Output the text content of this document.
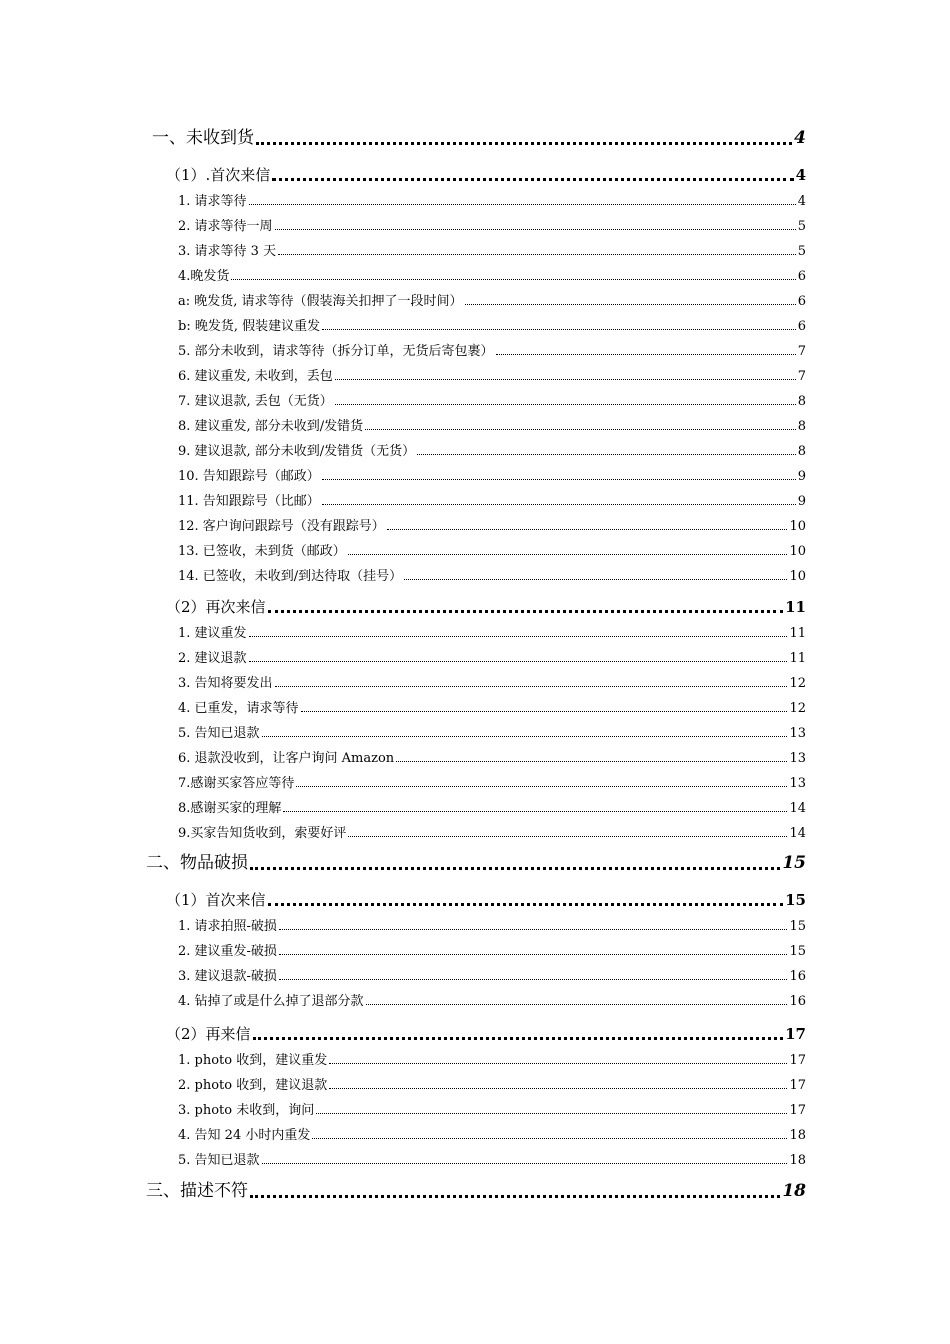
一、未收到货	4
（1）.首次来信	4
1. 请求等待	4
2. 请求等待一周	5
3. 请求等待 3 天	5
4.晚发货	6
a: 晚发货, 请求等待（假装海关扣押了一段时间）	6
b: 晚发货, 假装建议重发	6
5. 部分未收到，请求等待（拆分订单，无货后寄包裹）	7
6. 建议重发, 未收到，丢包	7
7. 建议退款, 丢包（无货）	8
8. 建议重发, 部分未收到/发错货	8
9. 建议退款, 部分未收到/发错货（无货）	8
10. 告知跟踪号（邮政）	9
11. 告知跟踪号（比邮）	9
12. 客户询问跟踪号（没有跟踪号）	10
13. 已签收，未到货（邮政）	10
14. 已签收，未收到/到达待取（挂号）	10
（2）再次来信	11
1. 建议重发	11
2. 建议退款	11
3. 告知将要发出	12
4. 已重发，请求等待	12
5. 告知已退款	13
6. 退款没收到，让客户询问 Amazon	13
7.感谢买家答应等待	13
8.感谢买家的理解	14
9.买家告知货收到，索要好评	14
二、物品破损	15
（1）首次来信	15
1. 请求拍照-破损	15
2. 建议重发-破损	15
3. 建议退款-破损	16
4. 钻掉了或是什么掉了退部分款	16
（2）再来信	17
1. photo 收到，建议重发	17
2. photo 收到，建议退款	17
3. photo 未收到，询问	17
4. 告知 24 小时内重发	18
5. 告知已退款	18
三、描述不符	18
